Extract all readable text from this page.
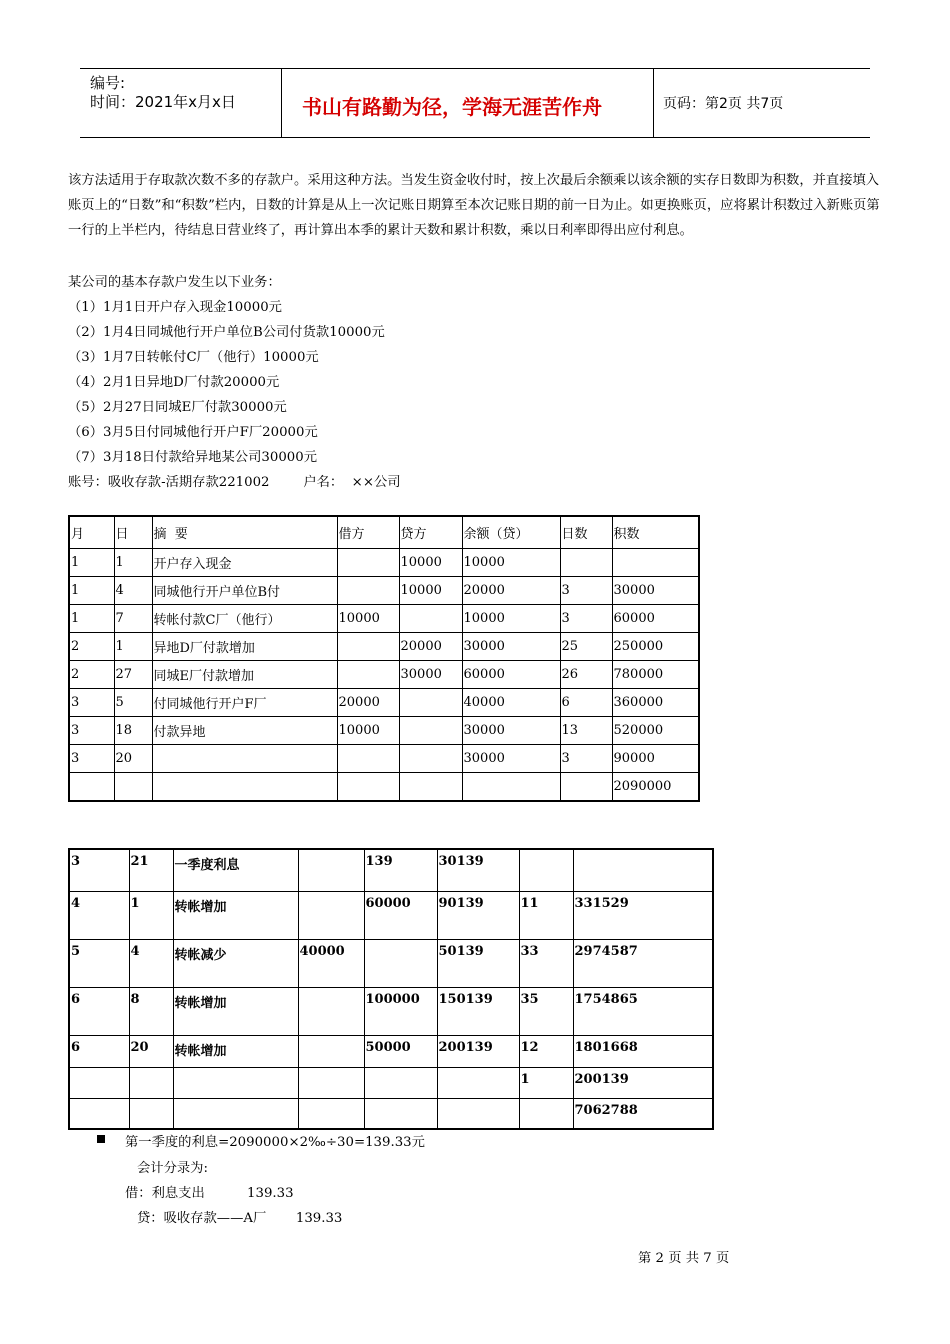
编号:
时间：2021年x月x日	书山有路勤为径，学海无涯苦作舟	页码：第2页 共7页
该方法适用于存取款次数不多的存款户。采用这种方法。当发生资金收付时，按上次最后余额乘以该余额的实存日数即为积数，并直接填入账页上的“日数”和“积数”栏内，日数的计算是从上一次记账日期算至本次记账日期的前一日为止。如更换账页，应将累计积数过入新账页第一行的上半栏内，待结息日营业终了，再计算出本季的累计天数和累计积数，乘以日利率即得出应付利息。
某公司的基本存款户发生以下业务：
（1）1月1日开户存入现金10000元
（2）1月4日同城他行开户单位B公司付货款10000元
（3）1月7日转帐付C厂（他行）10000元
（4）2月1日异地D厂付款20000元
（5）2月27日同城E厂付款30000元
（6）3月5日付同城他行开户F厂20000元
（7）3月18日付款给异地某公司30000元
账号：吸收存款-活期存款221002        户名：  ××公司
月	日	摘  要	借方	贷方	余额（贷）	日数	积数
1	1	开户存入现金		10000	10000		
1	4	同城他行开户单位B付		10000	20000	3	30000
1	7	转帐付款C厂（他行）	10000		10000	3	60000
2	1	异地D厂付款增加		20000	30000	25	250000
2	27	同城E厂付款增加		30000	60000	26	780000
3	5	付同城他行开户F厂	20000		40000	6	360000
3	18	付款异地	10000		30000	13	520000
3	20				30000	3	90000
							2090000
3	21	一季度利息		139	30139		
4	1	转帐增加		60000	90139	11	331529
5	4	转帐减少	40000		50139	33	2974587
6	8	转帐增加		100000	150139	35	1754865
6	20	转帐增加		50000	200139	12	1801668
						1	200139
							7062788
第一季度的利息=2090000×2‰÷30=139.33元
会计分录为:
借：利息支出          139.33
贷：吸收存款——A厂       139.33
第 2 页 共 7 页
